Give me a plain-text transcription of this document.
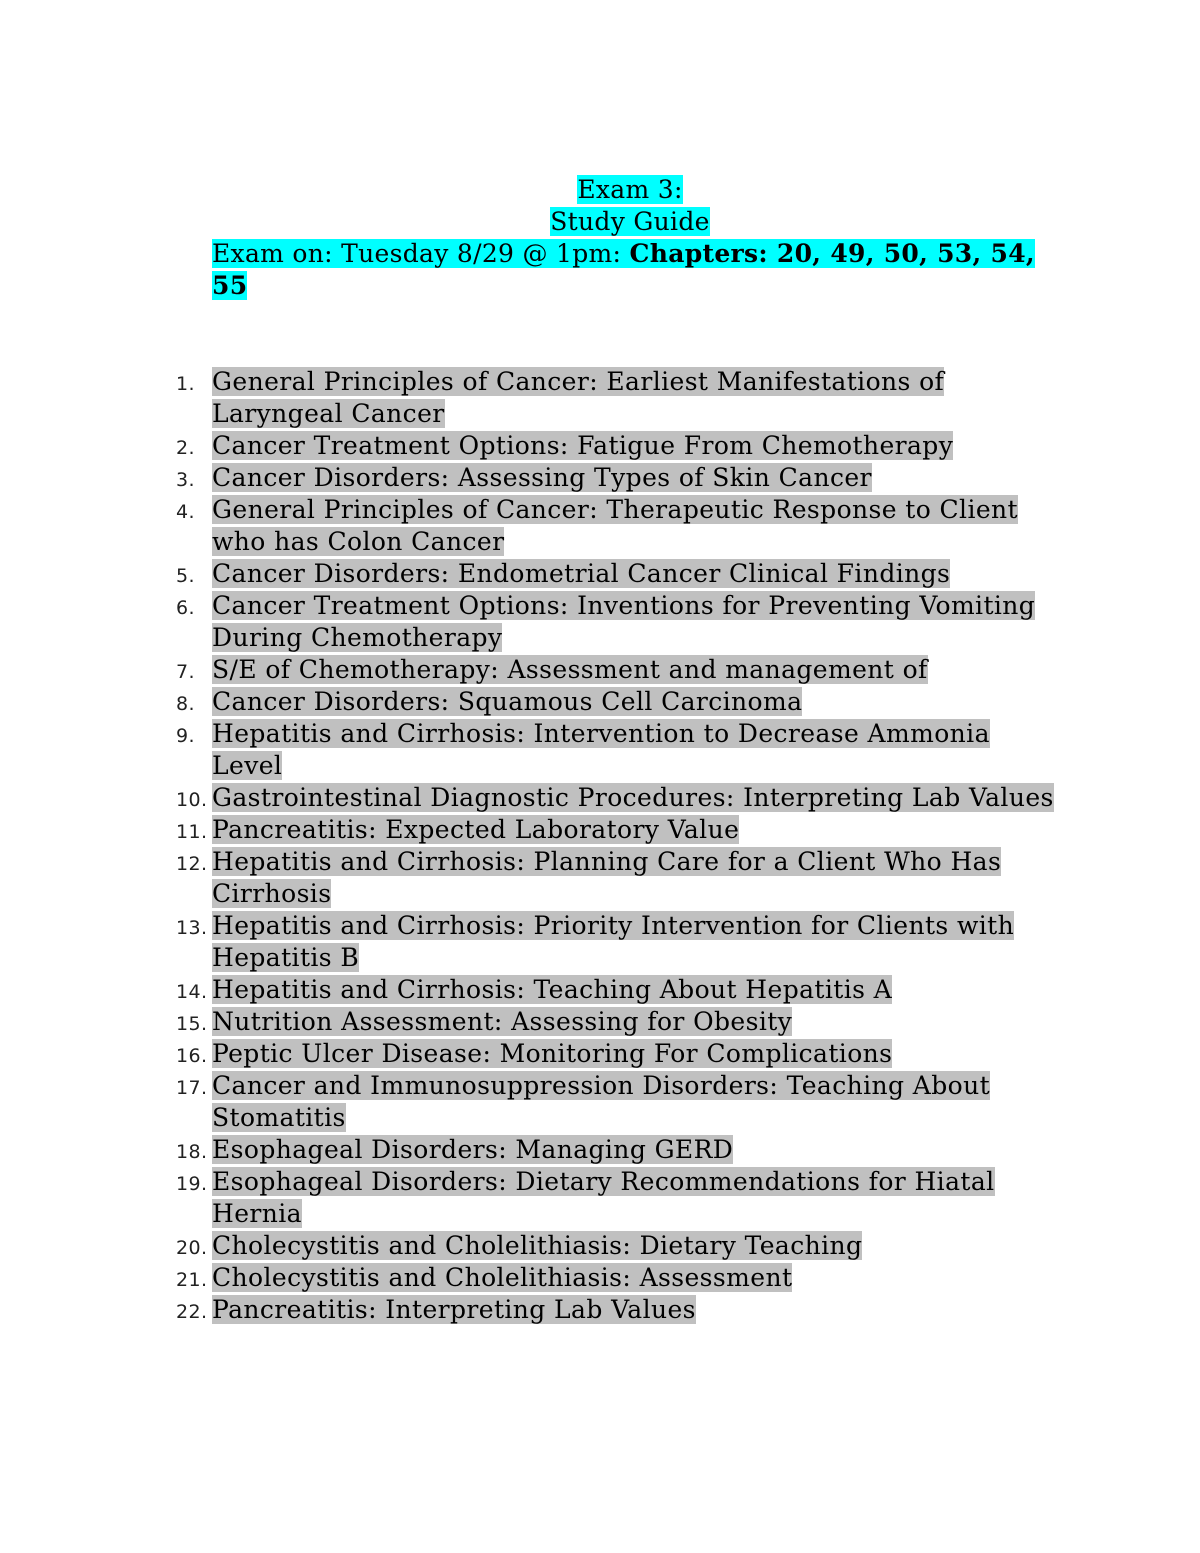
Exam 3:
Study Guide
Exam on: Tuesday 8/29 @ 1pm: Chapters: 20, 49, 50, 53, 54, 55
1. General Principles of Cancer: Earliest Manifestations of Laryngeal Cancer
2. Cancer Treatment Options: Fatigue From Chemotherapy
3. Cancer Disorders: Assessing Types of Skin Cancer
4. General Principles of Cancer: Therapeutic Response to Client who has Colon Cancer
5. Cancer Disorders: Endometrial Cancer Clinical Findings
6. Cancer Treatment Options: Inventions for Preventing Vomiting During Chemotherapy
7. S/E of Chemotherapy: Assessment and management of
8. Cancer Disorders: Squamous Cell Carcinoma
9. Hepatitis and Cirrhosis: Intervention to Decrease Ammonia Level
10. Gastrointestinal Diagnostic Procedures: Interpreting Lab Values
11. Pancreatitis: Expected Laboratory Value
12. Hepatitis and Cirrhosis: Planning Care for a Client Who Has Cirrhosis
13. Hepatitis and Cirrhosis: Priority Intervention for Clients with Hepatitis B
14. Hepatitis and Cirrhosis: Teaching About Hepatitis A
15. Nutrition Assessment: Assessing for Obesity
16. Peptic Ulcer Disease: Monitoring For Complications
17. Cancer and Immunosuppression Disorders: Teaching About Stomatitis
18. Esophageal Disorders: Managing GERD
19. Esophageal Disorders: Dietary Recommendations for Hiatal Hernia
20. Cholecystitis and Cholelithiasis: Dietary Teaching
21. Cholecystitis and Cholelithiasis: Assessment
22. Pancreatitis: Interpreting Lab Values
